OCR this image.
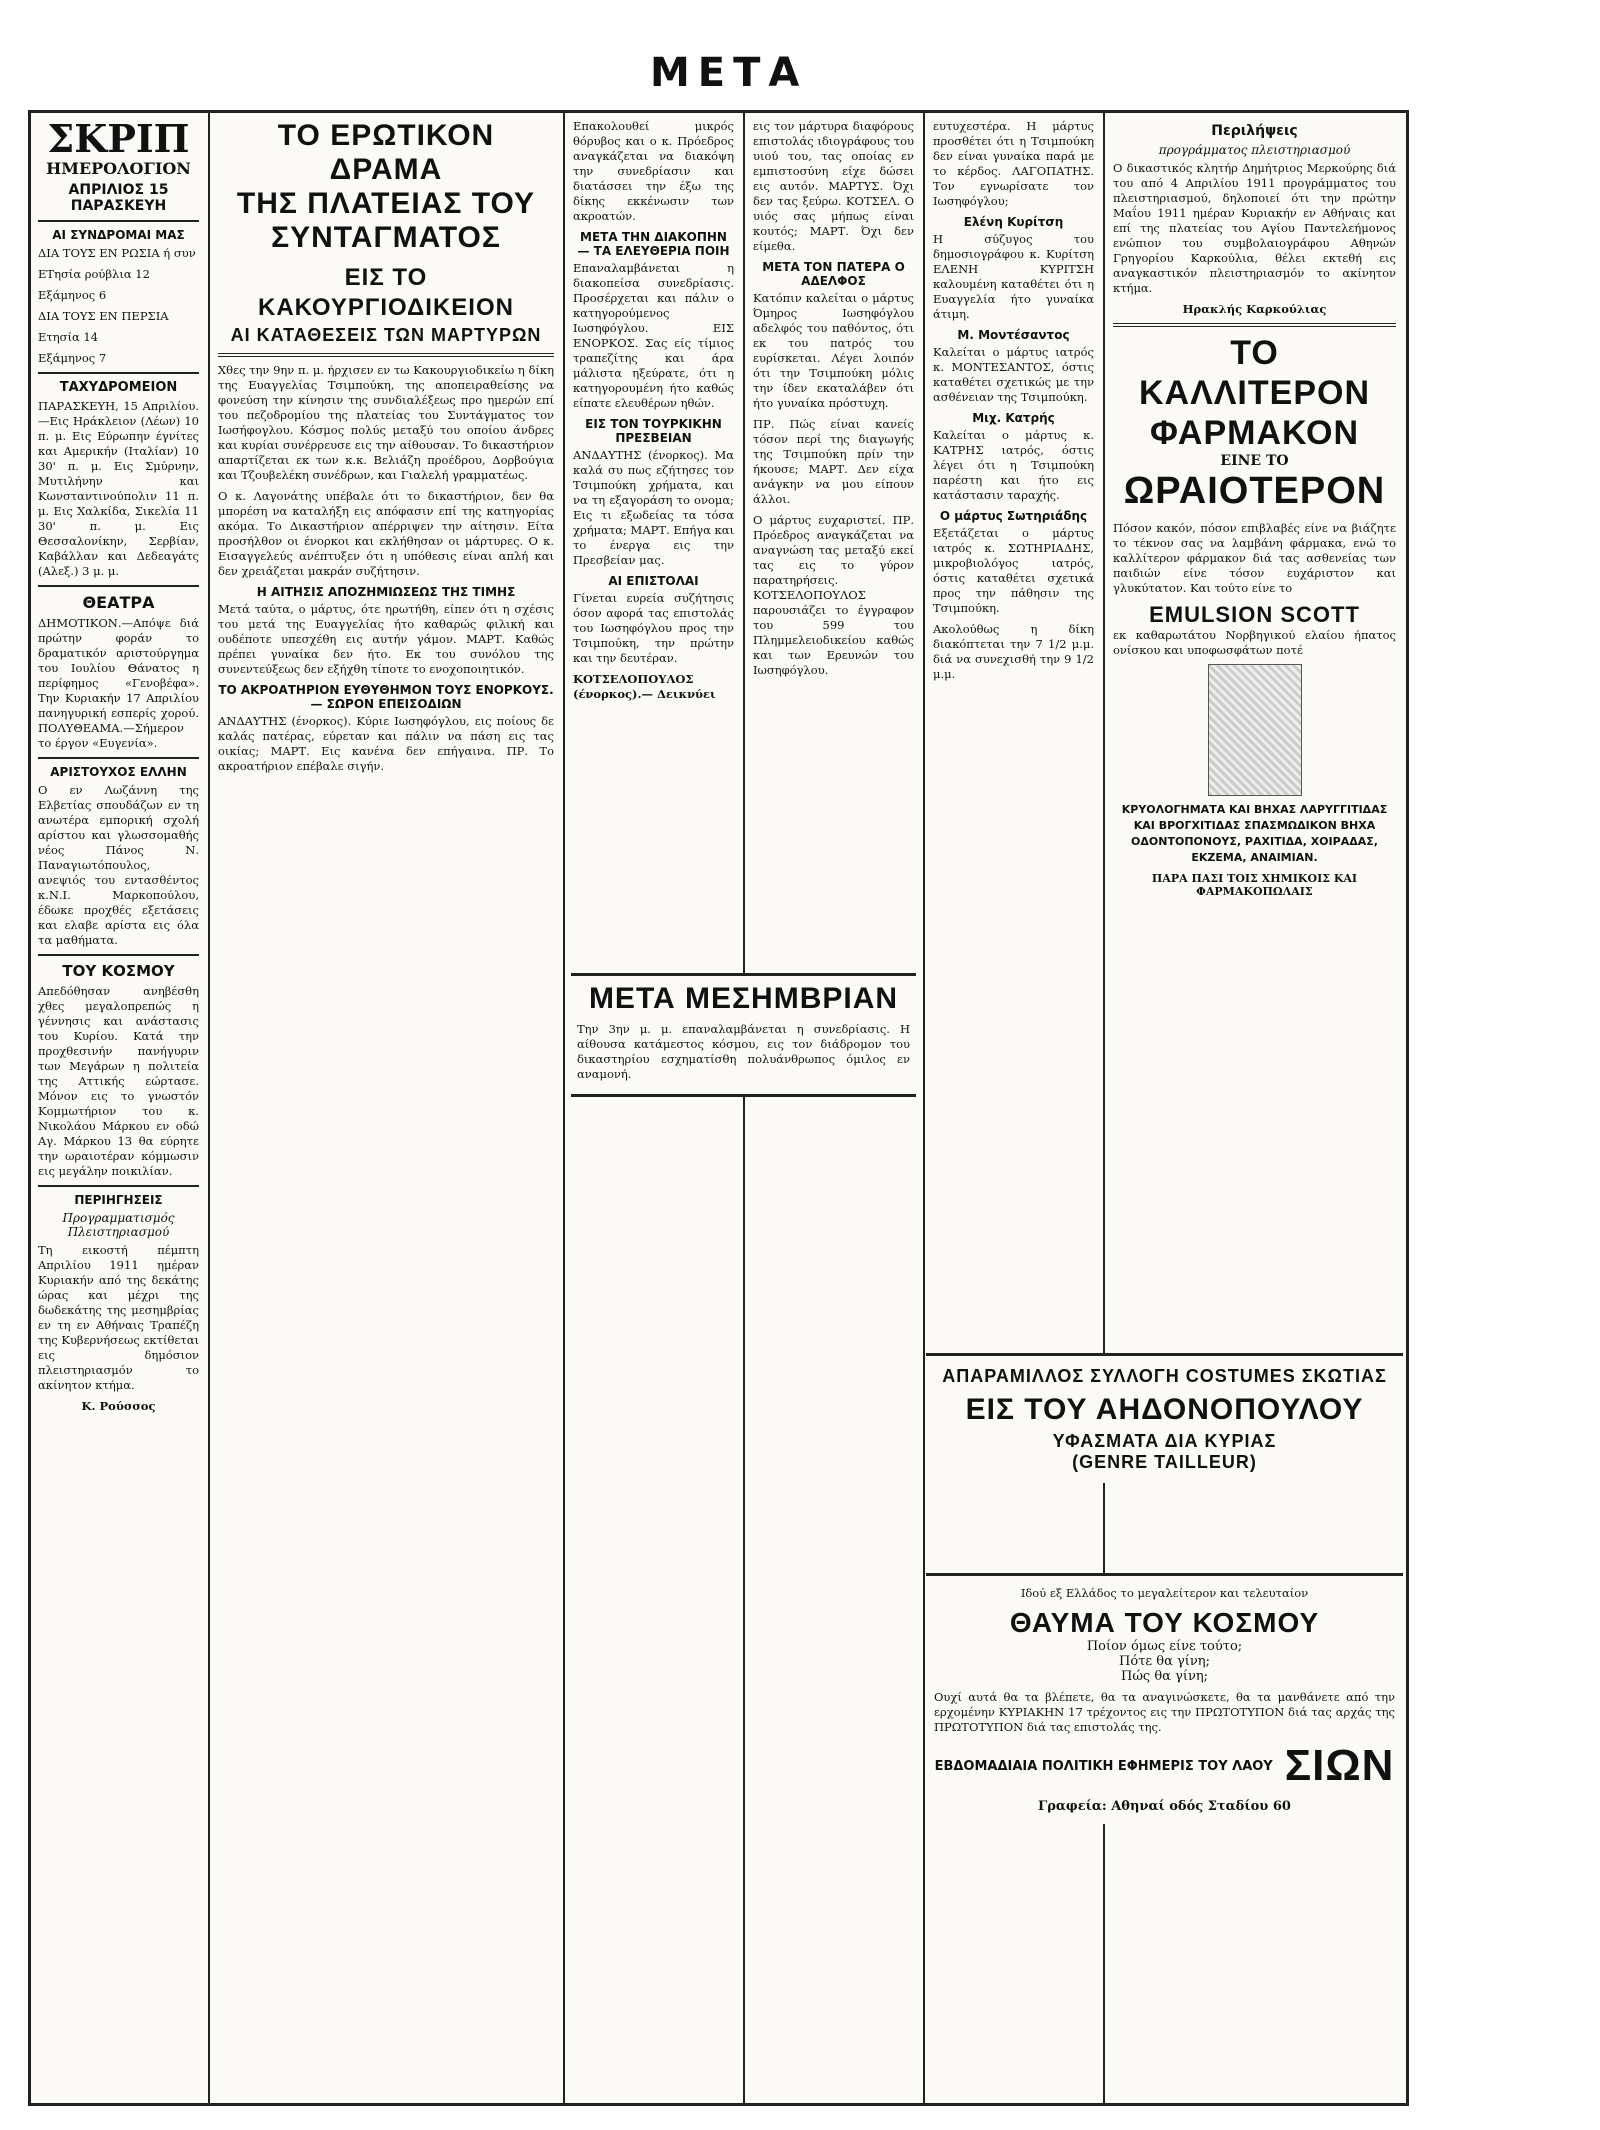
ΜΕΤΑ
ΣΚΡΙΠ
ΗΜΕΡΟΛΟΓΙΟΝ
ΑΠΡΙΛΙΟΣ 15 ΠΑΡΑΣΚΕΥΗ
ΑΙ ΣΥΝΔΡΟΜΑΙ ΜΑΣ
ΔΙΑ ΤΟΥΣ ΕΝ ΡΩΣΙΑ ή συν
ΕΤησία ρούβλια 12
Εξάμηνος 6
ΔΙΑ ΤΟΥΣ ΕΝ ΠΕΡΣΙΑ
Ετησία 14
Εξάμηνος 7
ΤΑΧΥΔΡΟΜΕΙΟΝ
ΠΑΡΑΣΚΕΥΗ, 15 Απριλίου.—Εις Ηράκλειον (Λέων) 10 π. μ. Εις Εύρωπην έγνίτες και Αμερικήν (Ιταλίαν) 10 30' π. μ. Εις Σμύρνην, Μυτιλήνην και Κωνσταντινούπολιν 11 π. μ. Εις Χαλκίδα, Σικελία 11 30' π. μ. Εις Θεσσαλονίκην, Σερβίαν, Καβάλλαν και Δεδεαγάτς (Αλεξ.) 3 μ. μ.
ΘΕΑΤΡΑ
ΔΗΜΟΤΙΚΟΝ.—Απόψε διά πρώτην φοράν το δραματικόν αριστούργημα του Ιουλίου Θάνατος η περίφημος «Γενοβέφα». Την Κυριακήν 17 Απριλίου πανηγυρική εσπερίς χορού. ΠΟΛΥΘΕΑΜΑ.—Σήμερον το έργον «Ευγενία».
ΑΡΙΣΤΟΥΧΟΣ ΕΛΛΗΝ
Ο εν Λωζάννη της Ελβετίας σπουδάζων εν τη ανωτέρα εμπορική σχολή αρίστου και γλωσσομαθής νέος Πάνος Ν. Παναγιωτόπουλος, ανεψιός του εντασθέντος κ.Ν.Ι. Μαρκοπούλου, έδωκε προχθές εξετάσεις και ελαβε αρίστα εις όλα τα μαθήματα.
ΤΟΥ ΚΟΣΜΟΥ
Απεδόθησαν ανηβέσθη χθες μεγαλοπρεπώς η γέννησις και ανάστασις του Κυρίου. Κατά την προχθεσινήν πανήγυριν των Μεγάρων η πολιτεία της Αττικής εώρτασε. Μόνον εις το γνωστόν Κομμωτήριον του κ. Νικολάου Μάρκου εν οδώ Αγ. Μάρκου 13 θα εύρητε την ωραιοτέραν κόμμωσιν εις μεγάλην ποικιλίαν.
ΠΕΡΙΗΓΗΣΕΙΣ
Προγραμματισμός Πλειστηριασμού
Τη εικοστή πέμπτη Απριλίου 1911 ημέραν Κυριακήν από της δεκάτης ώρας και μέχρι της δωδεκάτης της μεσημβρίας εν τη εν Αθήναις Τραπέζη της Κυβερνήσεως εκτίθεται εις δημόσιον πλειστηριασμόν το ακίνητον κτήμα.
Κ. Ρούσσος
ΤΟ ΕΡΩΤΙΚΟΝ ΔΡΑΜΑ
ΤΗΣ ΠΛΑΤΕΙΑΣ ΤΟΥ ΣΥΝΤΑΓΜΑΤΟΣ
ΕΙΣ ΤΟ ΚΑΚΟΥΡΓΙΟΔΙΚΕΙΟΝ
ΑΙ ΚΑΤΑΘΕΣΕΙΣ ΤΩΝ ΜΑΡΤΥΡΩΝ
Χθες την 9ην π. μ. ήρχισεν εν τω Κακουργιοδικείω η δίκη της Ευαγγελίας Τσιμπούκη, της αποπειραθείσης να φονεύση την κίνησιν της συνδιαλέξεως προ ημερών επί του πεζοδρομίου της πλατείας του Συντάγματος τον Ιωσήφογλου. Κόσμος πολύς μεταξύ του οποίου άνδρες και κυρίαι συνέρρευσε εις την αίθουσαν. Το δικαστήριον απαρτίζεται εκ των κ.κ. Βελιάζη προέδρου, Δορβούγια και Τζουβελέκη συνέδρων, και Γιαλελή γραμματέως.
Ο κ. Λαγονάτης υπέβαλε ότι το δικαστήριον, δεν θα μπορέση να καταλήξη εις απόφασιν επί της κατηγορίας ακόμα. Το Δικαστήριον απέρριψεν την αίτησιν. Είτα προσήλθον οι ένορκοι και εκλήθησαν οι μάρτυρες. Ο κ. Εισαγγελεύς ανέπτυξεν ότι η υπόθεσις είναι απλή και δεν χρειάζεται μακράν συζήτησιν.
Η ΑΙΤΗΣΙΣ ΑΠΟΖΗΜΙΩΣΕΩΣ ΤΗΣ ΤΙΜΗΣ
Μετά ταύτα, ο μάρτυς, ότε ηρωτήθη, είπεν ότι η σχέσις του μετά της Ευαγγελίας ήτο καθαρώς φιλική και ουδέποτε υπεσχέθη εις αυτήν γάμον. ΜΑΡΤ. Καθώς πρέπει γυναίκα δεν ήτο. Εκ του συνόλου της συνεντεύξεως δεν εξήχθη τίποτε το ενοχοποιητικόν.
ΤΟ ΑΚΡΟΑΤΗΡΙΟΝ ΕΥΘΥΘΗΜΟΝ ΤΟΥΣ ΕΝΟΡΚΟΥΣ.— ΣΩΡΟΝ ΕΠΕΙΣΟΔΙΩΝ
ΑΝΔΑΥΤΗΣ (ένορκος). Κύριε Ιωσηφόγλου, εις ποίους δε καλάς πατέρας, εύρεταν και πάλιν να πάση εις τας οικίας; ΜΑΡΤ. Εις κανένα δεν επήγαινα. ΠΡ. Το ακροατήριον επέβαλε σιγήν.
Επακολουθεί μικρός θόρυβος και ο κ. Πρόεδρος αναγκάζεται να διακόψη την συνεδρίασιν και διατάσσει την έξω της δίκης εκκένωσιν των ακροατών.
ΜΕΤΑ ΤΗΝ ΔΙΑΚΟΠΗΝ — ΤΑ ΕΛΕΥΘΕΡΙΑ ΠΟΙΗ
Επαναλαμβάνεται η διακοπείσα συνεδρίασις. Προσέρχεται και πάλιν ο κατηγορούμενος Ιωσηφόγλου. ΕΙΣ ΕΝΟΡΚΟΣ. Σας είς τίμιος τραπεζίτης και άρα μάλιστα ηξεύρατε, ότι η κατηγορουμένη ήτο καθώς είπατε ελευθέρων ηθών.
ΕΙΣ ΤΟΝ ΤΟΥΡΚΙΚΗΝ ΠΡΕΣΒΕΙΑΝ
ΑΝΔΑΥΤΗΣ (ένορκος). Μα καλά συ πως εζήτησες τον Τσιμπούκη χρήματα, και να τη εξαγοράση το ονομα; Εις τι εξωδείας τα τόσα χρήματα; ΜΑΡΤ. Επήγα και το ένεργα εις την Πρεσβείαν μας.
ΑΙ ΕΠΙΣΤΟΛΑΙ
Γίνεται ευρεία συζήτησις όσον αφορά τας επιστολάς του Ιωσηφόγλου προς την Τσιμπούκη, την πρώτην και την δευτέραν.
ΚΟΤΣΕΛΟΠΟΥΛΟΣ (ένορκος).— Δεικνύει
εις τον μάρτυρα διαφόρους επιστολάς ιδιογράφους του υιού του, τας οποίας εν εμπιστοσύνη είχε δώσει εις αυτόν. ΜΑΡΤΥΣ. Όχι δεν τας ξεύρω. ΚΟΤΣΕΛ. Ο υιός σας μήπως είναι κουτός; ΜΑΡΤ. Όχι δεν είμεθα.
ΜΕΤΑ ΤΟΝ ΠΑΤΕΡΑ Ο ΑΔΕΛΦΟΣ
Κατόπιν καλείται ο μάρτυς Όμηρος Ιωσηφόγλου αδελφός του παθόντος, ότι εκ του πατρός του ευρίσκεται. Λέγει λοιπόν ότι την Τσιμπούκη μόλις την ίδεν εκαταλάβεν ότι ήτο γυναίκα πρόστυχη.
ΠΡ. Πώς είναι κανείς τόσον περί της διαγωγής της Τσιμπούκη πρίν την ήκουσε; ΜΑΡΤ. Δεν είχα ανάγκην να μου είπουν άλλοι.
Ο μάρτυς ευχαριστεί. ΠΡ. Πρόεδρος αναγκάζεται να αναγνώση τας μεταξύ εκεί τας εις το γύρον παρατηρήσεις. ΚΟΤΣΕΛΟΠΟΥΛΟΣ παρουσιάζει το έγγραφον του 599 του Πλημμελειοδικείου καθώς και των Ερευνών του Ιωσηφόγλου.
ΜΕΤΑ ΜΕΣΗΜΒΡΙΑΝ
Την 3ην μ. μ. επαναλαμβάνεται η συνεδρίασις. Η αίθουσα κατάμεστος κόσμου, εις τον διάδρομον του δικαστηρίου εσχηματίσθη πολυάνθρωπος όμιλος εν αναμονή.
ευτυχεστέρα. Η μάρτυς προσθέτει ότι η Τσιμπούκη δεν είναι γυναίκα παρά με το κέρδος. ΛΑΓΟΠΑΤΗΣ. Τον εγνωρίσατε τον Ιωσηφόγλου;
Ελένη Κυρίτση
Η σύζυγος του δημοσιογράφου κ. Κυρίτση ΕΛΕΝΗ ΚΥΡΙΤΣΗ καλουμένη καταθέτει ότι η Ευαγγελία ήτο γυναίκα άτιμη.
Μ. Μοντέσαντος
Καλείται ο μάρτυς ιατρός κ. ΜΟΝΤΕΣΑΝΤΟΣ, όστις καταθέτει σχετικώς με την ασθένειαν της Τσιμπούκη.
Μιχ. Κατρής
Καλείται ο μάρτυς κ. ΚΑΤΡΗΣ ιατρός, όστις λέγει ότι η Τσιμπούκη παρέστη και ήτο εις κατάστασιν ταραχής.
Ο μάρτυς Σωτηριάδης
Εξετάζεται ο μάρτυς ιατρός κ. ΣΩΤΗΡΙΑΔΗΣ, μικροβιολόγος ιατρός, όστις καταθέτει σχετικά προς την πάθησιν της Τσιμπούκη.
Ακολούθως η δίκη διακόπτεται την 7 1/2 μ.μ. διά να συνεχισθή την 9 1/2 μ.μ.
Περιλήψεις
προγράμματος πλειστηριασμού
Ο δικαστικός κλητήρ Δημήτριος Μερκούρης διά του από 4 Απριλίου 1911 προγράμματος του πλειστηριασμού, δηλοποιεί ότι την πρώτην Μαΐου 1911 ημέραν Κυριακήν εν Αθήναις και επί της πλατείας του Αγίου Παντελεήμονος ενώπιον του συμβολαιογράφου Αθηνών Γρηγορίου Καρκούλια, θέλει εκτεθή εις αναγκαστικόν πλειστηριασμόν το ακίνητον κτήμα.
Ηρακλής Καρκούλιας
ΤΟ ΚΑΛΛΙΤΕΡΟΝ ΦΑΡΜΑΚΟΝ
ΕΙΝΕ ΤΟ
ΩΡΑΙΟΤΕΡΟΝ
Πόσον κακόν, πόσον επιβλαβές είνε να βιάζητε το τέκνον σας να λαμβάνη φάρμακα, ενώ το καλλίτερον φάρμακον διά τας ασθενείας των παιδιών είνε τόσον ευχάριστον και γλυκύτατον. Και τούτο είνε το
EMULSION SCOTT
εκ καθαρωτάτου Νορβηγικού ελαίου ήπατος ονίσκου και υποφωσφάτων ποτέ
ΚΡΥΟΛΟΓΗΜΑΤΑ ΚΑΙ ΒΗΧΑΣ ΛΑΡΥΓΓΙΤΙΔΑΣ ΚΑΙ ΒΡΟΓΧΙΤΙΔΑΣ ΣΠΑΣΜΩΔΙΚΟΝ ΒΗΧΑ ΟΔΟΝΤΟΠΟΝΟΥΣ, ΡΑΧΙΤΙΔΑ, ΧΟΙΡΑΔΑΣ, ΕΚΖΕΜΑ, ΑΝΑΙΜΙΑΝ.
ΠΑΡΑ ΠΑΣΙ ΤΟΙΣ ΧΗΜΙΚΟΙΣ ΚΑΙ ΦΑΡΜΑΚΟΠΩΛΑΙΣ
ΑΠΑΡΑΜΙΛΛΟΣ ΣΥΛΛΟΓΗ COSTUMES ΣΚΩΤΙΑΣ
ΕΙΣ ΤΟΥ ΑΗΔΟΝΟΠΟΥΛΟΥ
ΥΦΑΣΜΑΤΑ ΔΙΑ ΚΥΡΙΑΣ
(GENRE TAILLEUR)
Ιδού εξ Ελλάδος το μεγαλείτερον και τελευταίον
ΘΑΥΜΑ ΤΟΥ ΚΟΣΜΟΥ
Ποίον όμως είνε τούτο;
Πότε θα γίνη;
Πώς θα γίνη;
Ουχί αυτά θα τα βλέπετε, θα τα αναγινώσκετε, θα τα μανθάνετε από την ερχομένην ΚΥΡΙΑΚΗΝ 17 τρέχοντος εις την ΠΡΩΤΟΤΥΠΟΝ διά τας αρχάς της ΠΡΩΤΟΤΥΠΟΝ διά τας επιστολάς της.
ΕΒΔΟΜΑΔΙΑΙΑ ΠΟΛΙΤΙΚΗ ΕΦΗΜΕΡΙΣ ΤΟΥ ΛΑΟΥ ΣΙΩΝ
Γραφεία: Αθηναί οδός Σταδίου 60
